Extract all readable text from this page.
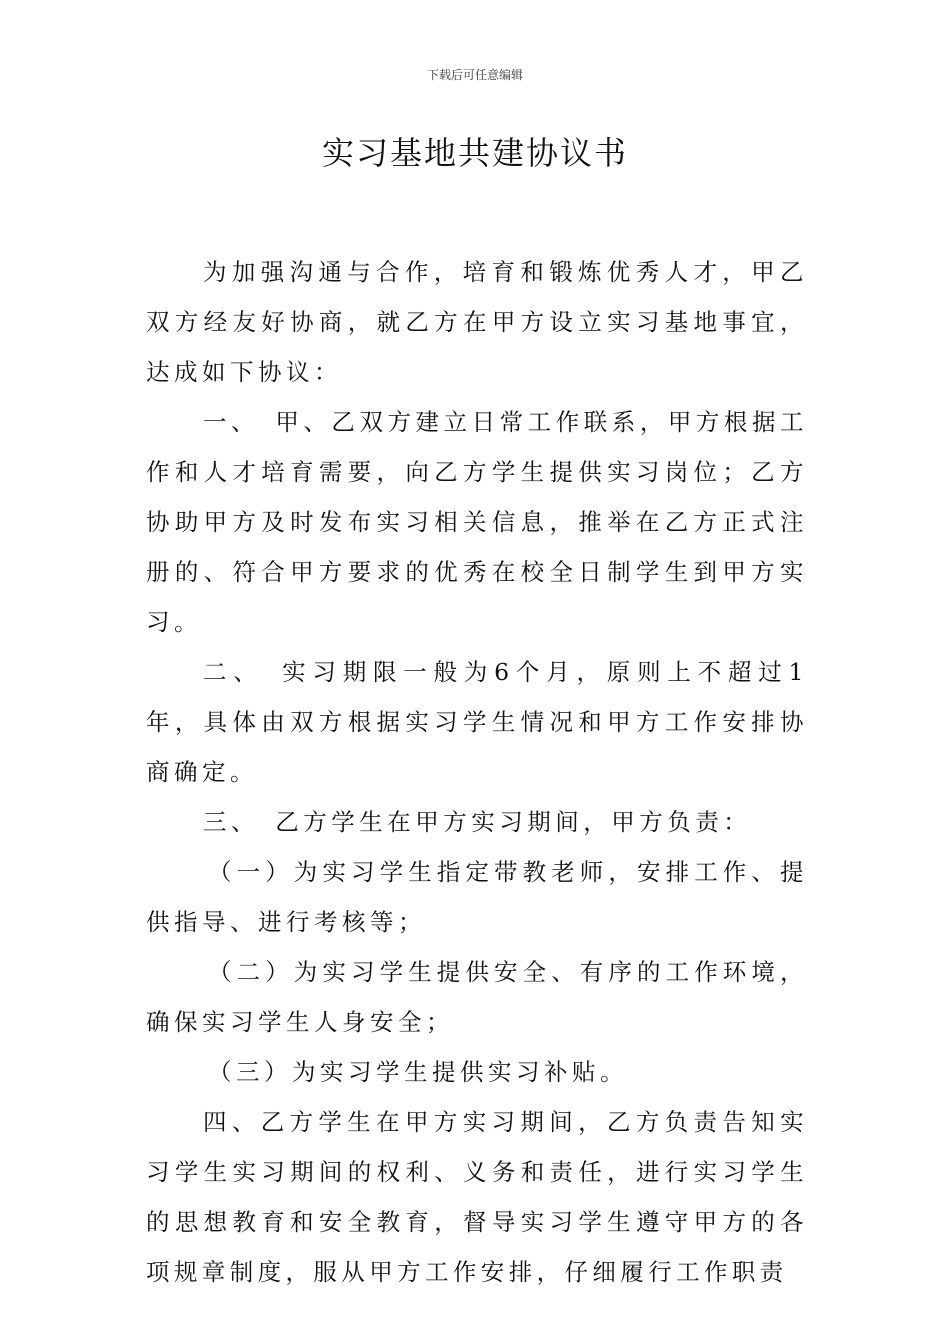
下载后可任意编辑
实习基地共建协议书

为加强沟通与合作，培育和锻炼优秀人才，甲乙双方经友好协商，就乙方在甲方设立实习基地事宜，达成如下协议：

一、　甲、乙双方建立日常工作联系，甲方根据工作和人才培育需要，向乙方学生提供实习岗位；乙方协助甲方及时发布实习相关信息，推举在乙方正式注册的、符合甲方要求的优秀在校全日制学生到甲方实习。

二、　实习期限一般为6个月，原则上不超过1年，具体由双方根据实习学生情况和甲方工作安排协商确定。

三、　乙方学生在甲方实习期间，甲方负责：

（一）为实习学生指定带教老师，安排工作、提供指导、进行考核等；

（二）为实习学生提供安全、有序的工作环境，确保实习学生人身安全；

（三）为实习学生提供实习补贴。

四、乙方学生在甲方实习期间，乙方负责告知实习学生实习期间的权利、义务和责任，进行实习学生的思想教育和安全教育，督导实习学生遵守甲方的各项规章制度，服从甲方工作安排，仔细履行工作职责
